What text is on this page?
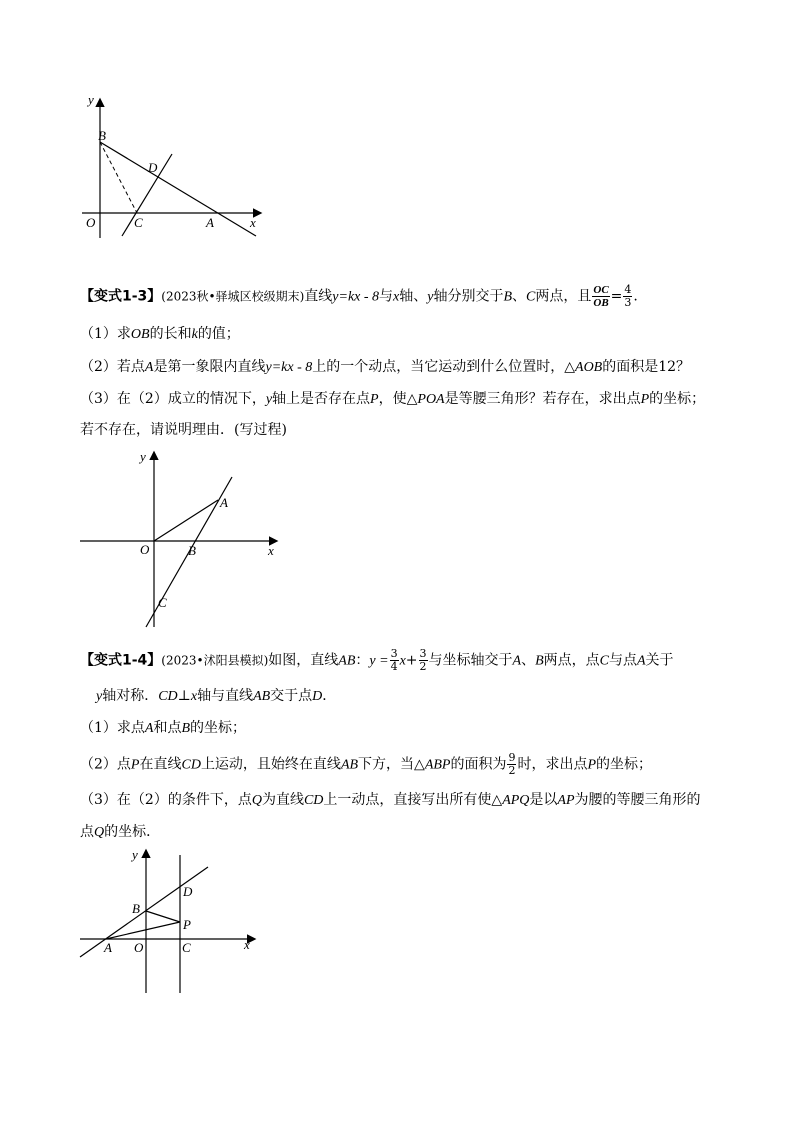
y
x
B
D
O	C	A
【变式1-3】(2023秋•驿城区校级期末)直线y=kx - 8与x轴、y轴分别交于B、C两点，且 $\frac{OC}{OB} = \frac{4}{3}$ .
（1）求OB的长和k的值；
（2）若点A是第一象限内直线y=kx - 8上的一个动点，当它运动到什么位置时，△AOB的面积是12？
（3）在（2）成立的情况下，y轴上是否存在点P，使△POA是等腰三角形？若存在，求出点P的坐标；
若不存在，请说明理由．(写过程)
y
x
O
A
B
C
【变式1-4】(2023•沭阳县模拟)如图，直线AB：$y = \frac{3}{4} x+ \frac{3}{2}$ 与坐标轴交于A、B两点，点C与点A关于
y轴对称．CD⊥x轴与直线AB交于点D．
（1）求点A和点B的坐标；
（2）点P在直线CD上运动，且始终在直线AB下方，当△ABP的面积为 $\frac{9}{2}$ 时，求出点P的坐标；
（3）在（2）的条件下，点Q为直线CD上一动点，直接写出所有使△APQ是以AP为腰的等腰三角形的
点Q的坐标．
y
x
D
B
P
A O	C
